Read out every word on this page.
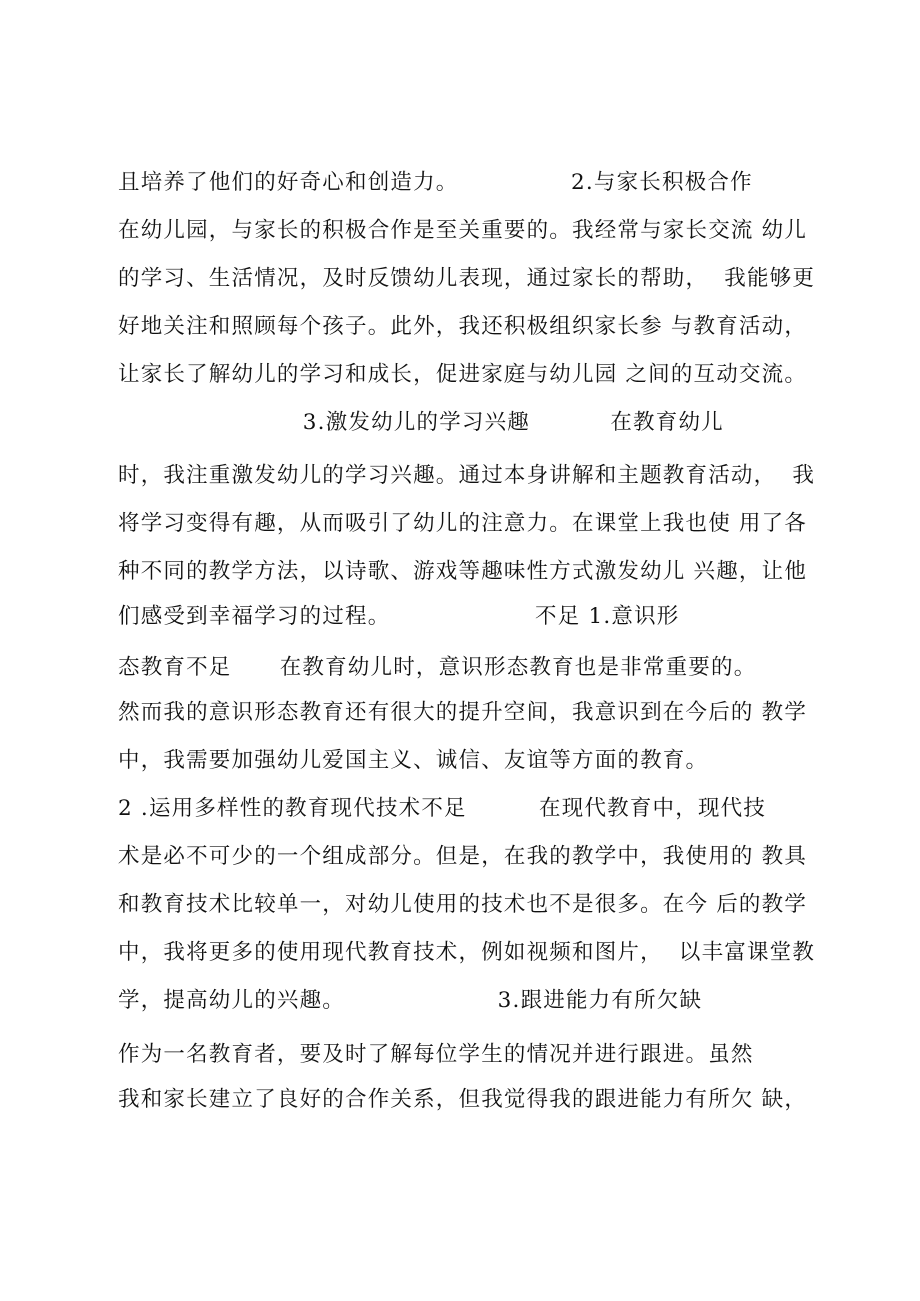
且培养了他们的好奇心和创造力。              2.与家长积极合作
在幼儿园，与家长的积极合作是至关重要的。我经常与家长交流 幼儿
的学习、生活情况，及时反馈幼儿表现，通过家长的帮助，  我能够更
好地关注和照顾每个孩子。此外，我还积极组织家长参 与教育活动，
让家长了解幼儿的学习和成长，促进家庭与幼儿园 之间的互动交流。
3.激发幼儿的学习兴趣          在教育幼儿
时，我注重激发幼儿的学习兴趣。通过本身讲解和主题教育活动，  我
将学习变得有趣，从而吸引了幼儿的注意力。在课堂上我也使 用了各
种不同的教学方法，以诗歌、游戏等趣味性方式激发幼儿 兴趣，让他
们感受到幸福学习的过程。                  不足 1.意识形
态教育不足      在教育幼儿时，意识形态教育也是非常重要的。
然而我的意识形态教育还有很大的提升空间，我意识到在今后的 教学
中，我需要加强幼儿爱国主义、诚信、友谊等方面的教育。
2 .运用多样性的教育现代技术不足         在现代教育中，现代技
术是必不可少的一个组成部分。但是，在我的教学中，我使用的 教具
和教育技术比较单一，对幼儿使用的技术也不是很多。在今 后的教学
中，我将更多的使用现代教育技术，例如视频和图片，  以丰富课堂教
学，提高幼儿的兴趣。                   3.跟进能力有所欠缺
作为一名教育者，要及时了解每位学生的情况并进行跟进。虽然
我和家长建立了良好的合作关系，但我觉得我的跟进能力有所欠 缺，
